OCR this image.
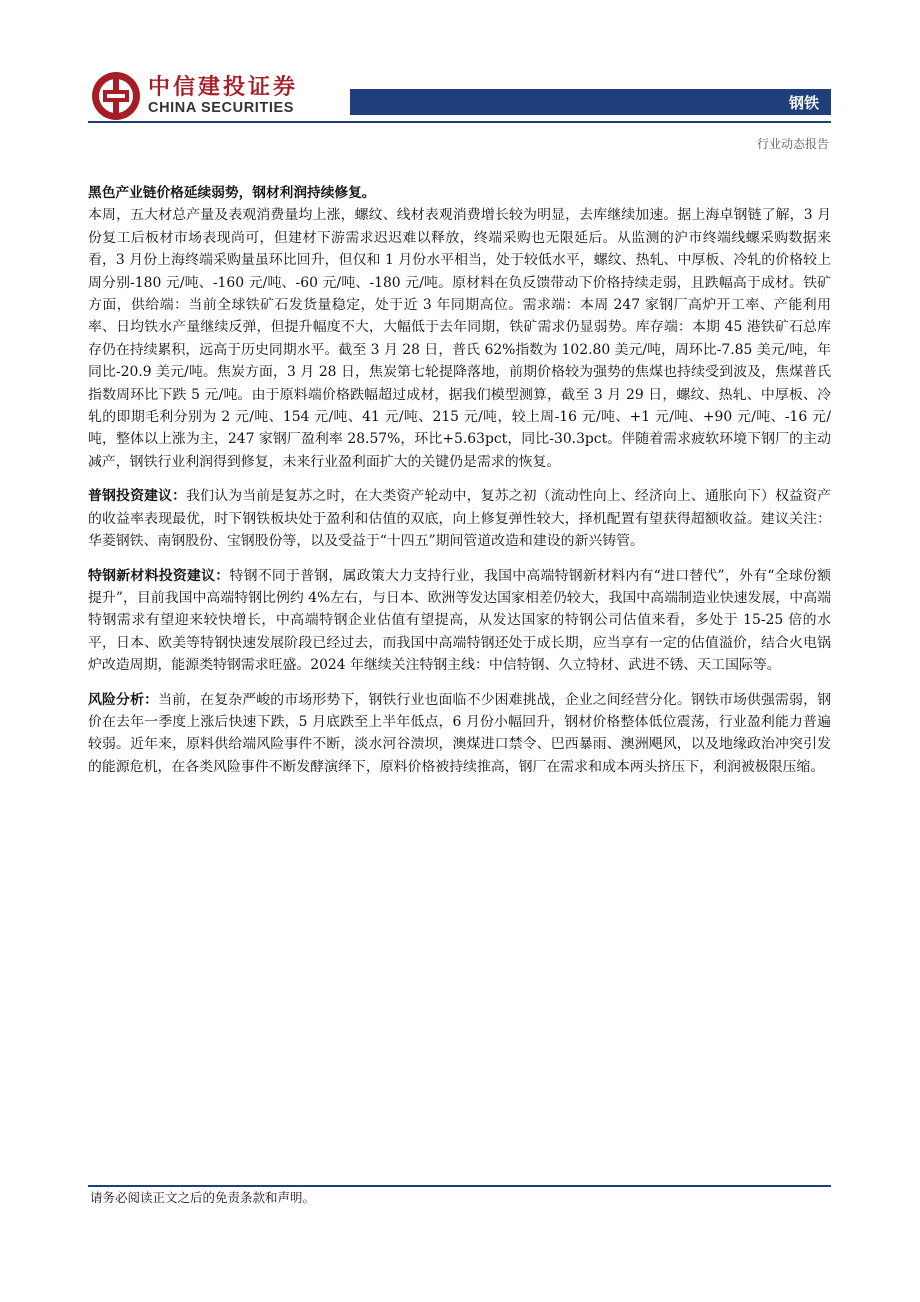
中信建投证券
CHINA SECURITIES	钢铁
行业动态报告

黑色产业链价格延续弱势，钢材利润持续修复。

本周，五大材总产量及表观消费量均上涨，螺纹、线材表观消费增长较为明显，去库继续加速。据上海卓钢链了解，3 月份复工后板材市场表现尚可，但建材下游需求迟迟难以释放，终端采购也无限延后。从监测的沪市终端线螺采购数据来看，3 月份上海终端采购量虽环比回升，但仅和 1 月份水平相当，处于较低水平，螺纹、热轧、中厚板、冷轧的价格较上周分别-180 元/吨、-160 元/吨、-60 元/吨、-180 元/吨。原材料在负反馈带动下价格持续走弱，且跌幅高于成材。铁矿方面，供给端：当前全球铁矿石发货量稳定，处于近 3 年同期高位。需求端：本周 247 家钢厂高炉开工率、产能利用率、日均铁水产量继续反弹，但提升幅度不大，大幅低于去年同期，铁矿需求仍显弱势。库存端：本期 45 港铁矿石总库存仍在持续累积，远高于历史同期水平。截至 3 月 28 日，普氏 62%指数为 102.80 美元/吨，周环比-7.85 美元/吨，年同比-20.9 美元/吨。焦炭方面，3 月 28 日，焦炭第七轮提降落地，前期价格较为强势的焦煤也持续受到波及，焦煤普氏指数周环比下跌 5 元/吨。由于原料端价格跌幅超过成材，据我们模型测算，截至 3 月 29 日，螺纹、热轧、中厚板、冷轧的即期毛利分别为 2 元/吨、154 元/吨、41 元/吨、215 元/吨，较上周-16 元/吨、+1 元/吨、+90 元/吨、-16 元/吨，整体以上涨为主，247 家钢厂盈利率 28.57%，环比+5.63pct，同比-30.3pct。伴随着需求疲软环境下钢厂的主动减产，钢铁行业利润得到修复，未来行业盈利面扩大的关键仍是需求的恢复。

普钢投资建议：我们认为当前是复苏之时，在大类资产轮动中，复苏之初（流动性向上、经济向上、通胀向下）权益资产的收益率表现最优，时下钢铁板块处于盈利和估值的双底，向上修复弹性较大，择机配置有望获得超额收益。建议关注：华菱钢铁、南钢股份、宝钢股份等，以及受益于“十四五”期间管道改造和建设的新兴铸管。

特钢新材料投资建议：特钢不同于普钢，属政策大力支持行业，我国中高端特钢新材料内有“进口替代”，外有“全球份额提升”，目前我国中高端特钢比例约 4%左右，与日本、欧洲等发达国家相差仍较大，我国中高端制造业快速发展，中高端特钢需求有望迎来较快增长，中高端特钢企业估值有望提高，从发达国家的特钢公司估值来看，多处于 15-25 倍的水平，日本、欧美等特钢快速发展阶段已经过去，而我国中高端特钢还处于成长期，应当享有一定的估值溢价，结合火电锅炉改造周期，能源类特钢需求旺盛。2024 年继续关注特钢主线：中信特钢、久立特材、武进不锈、天工国际等。

风险分析：当前，在复杂严峻的市场形势下，钢铁行业也面临不少困难挑战，企业之间经营分化。钢铁市场供强需弱，钢价在去年一季度上涨后快速下跌，5 月底跌至上半年低点，6 月份小幅回升，钢材价格整体低位震荡，行业盈利能力普遍较弱。近年来，原料供给端风险事件不断，淡水河谷溃坝，澳煤进口禁令、巴西暴雨、澳洲飓风，以及地缘政治冲突引发的能源危机，在各类风险事件不断发酵演绎下，原料价格被持续推高，钢厂在需求和成本两头挤压下，利润被极限压缩。

请务必阅读正文之后的免责条款和声明。
